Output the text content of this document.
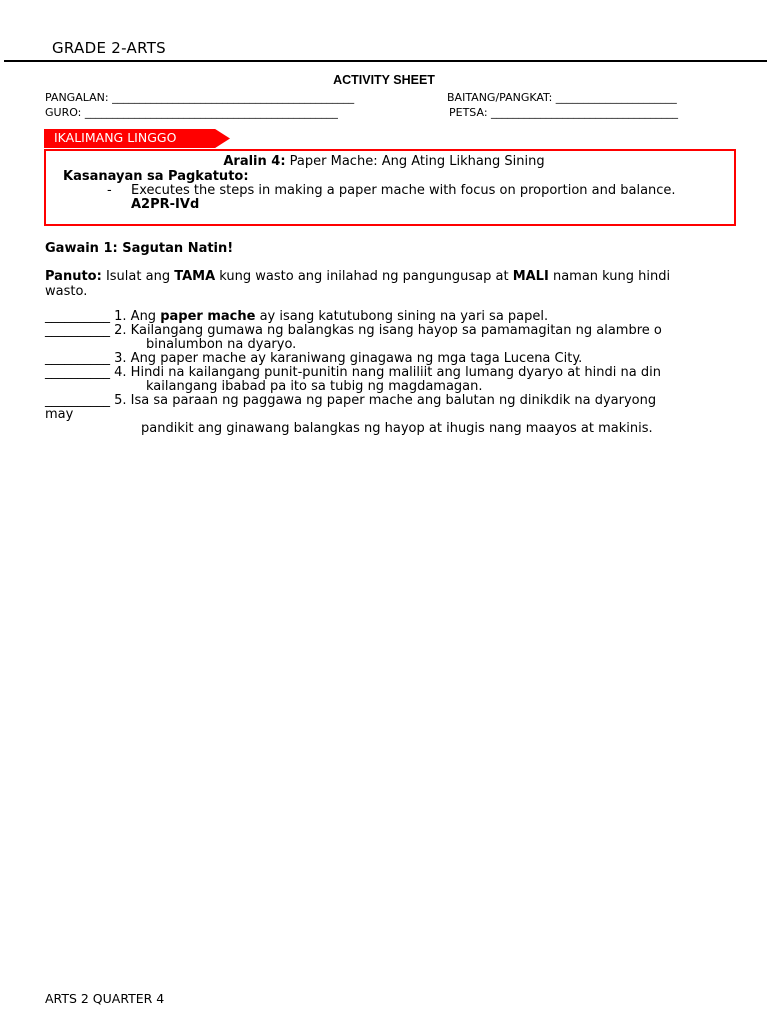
GRADE 2-ARTS
ACTIVITY SHEET
PANGALAN: ____________________________________________	BAITANG/PANGKAT: ______________________
GURO: ______________________________________________	PETSA: __________________________________
IKALIMANG LINGGO
Aralin 4: Paper Mache: Ang Ating Likhang Sining
Kasanayan sa Pagkatuto:
- Executes the steps in making a paper mache with focus on proportion and balance.
A2PR-IVd
Gawain 1: Sagutan Natin!
Panuto: Isulat ang TAMA kung wasto ang inilahad ng pangungusap at MALI naman kung hindi
wasto.
__________ 1. Ang paper mache ay isang katutubong sining na yari sa papel.
__________ 2. Kailangang gumawa ng balangkas ng isang hayop sa pamamagitan ng alambre o
binalumbon na dyaryo.
__________ 3. Ang paper mache ay karaniwang ginagawa ng mga taga Lucena City.
__________ 4. Hindi na kailangang punit-punitin nang maliliit ang lumang dyaryo at hindi na din
kailangang ibabad pa ito sa tubig ng magdamagan.
__________ 5. Isa sa paraan ng paggawa ng paper mache ang balutan ng dinikdik na dyaryong
may
pandikit ang ginawang balangkas ng hayop at ihugis nang maayos at makinis.
ARTS 2 QUARTER 4
